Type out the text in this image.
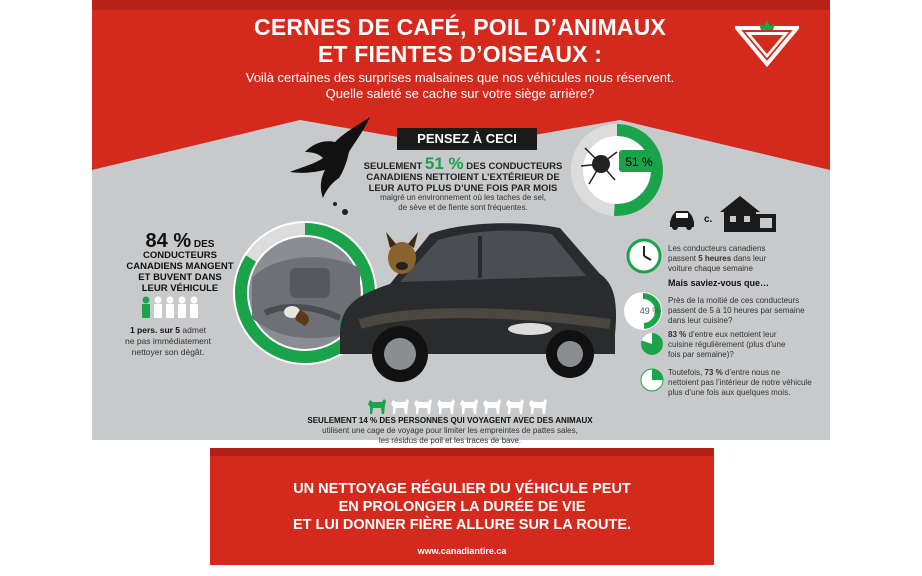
CERNES DE CAFÉ, POIL D’ANIMAUX
ET FIENTES D’OISEAUX :
Voilà certaines des surprises malsaines que nos véhicules nous réservent.
Quelle saleté se cache sur votre siège arrière?
PENSEZ À CECI
SEULEMENT 51 % DES CONDUCTEURS
CANADIENS NETTOIENT L’EXTÉRIEUR DE
LEUR AUTO PLUS D’UNE FOIS PAR MOIS
malgré un environnement où les taches de sel,
de sève et de fiente sont fréquentes.
51 %
84 % DES
CONDUCTEURS
CANADIENS MANGENT
ET BUVENT DANS
LEUR VÉHICULE
1 pers. sur 5 admet
ne pas immédiatement
nettoyer son dégât.
c.
Les conducteurs canadiens
passent 5 heures dans leur
voiture chaque semaine
Mais saviez-vous que…
49 %
Près de la moitié de ces conducteurs
passent de 5 à 10 heures par semaine
dans leur cuisine?
83 % d’entre eux nettoient leur
cuisine régulièrement (plus d’une
fois par semaine)?
Toutefois, 73 % d’entre nous ne
nettoient pas l’intérieur de notre véhicule
plus d’une fois aux quelques mois.
SEULEMENT 14 % DES PERSONNES QUI VOYAGENT AVEC DES ANIMAUX
utilisent une cage de voyage pour limiter les empreintes de pattes sales,
les résidus de poil et les traces de bave.
UN NETTOYAGE RÉGULIER DU VÉHICULE PEUT
EN PROLONGER LA DURÉE DE VIE
ET LUI DONNER FIÈRE ALLURE SUR LA ROUTE.
www.canadiantire.ca
